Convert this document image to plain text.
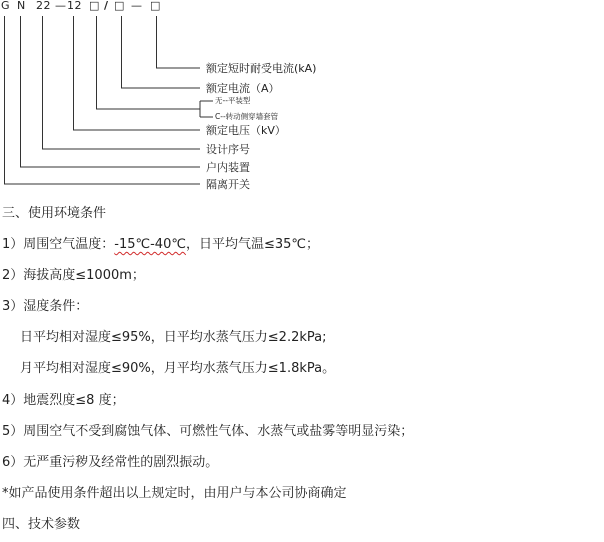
G N 22 — 12 □ / □ — □
额定短时耐受电流(kA)
额定电流（A）
无--平装型
C--转动侧穿墙套管
额定电压（kV）
设计序号
户内装置
隔离开关
三、使用环境条件
1）周围空气温度：-15℃-40℃，日平均气温≤35℃；
2）海拔高度≤1000m；
3）湿度条件：
日平均相对湿度≤95%，日平均水蒸气压力≤2.2kPa;
月平均相对湿度≤90%，月平均水蒸气压力≤1.8kPa。
4）地震烈度≤8 度；
5）周围空气不受到腐蚀气体、可燃性气体、水蒸气或盐雾等明显污染；
6）无严重污秽及经常性的剧烈振动。
*如产品使用条件超出以上规定时，由用户与本公司协商确定
四、技术参数
